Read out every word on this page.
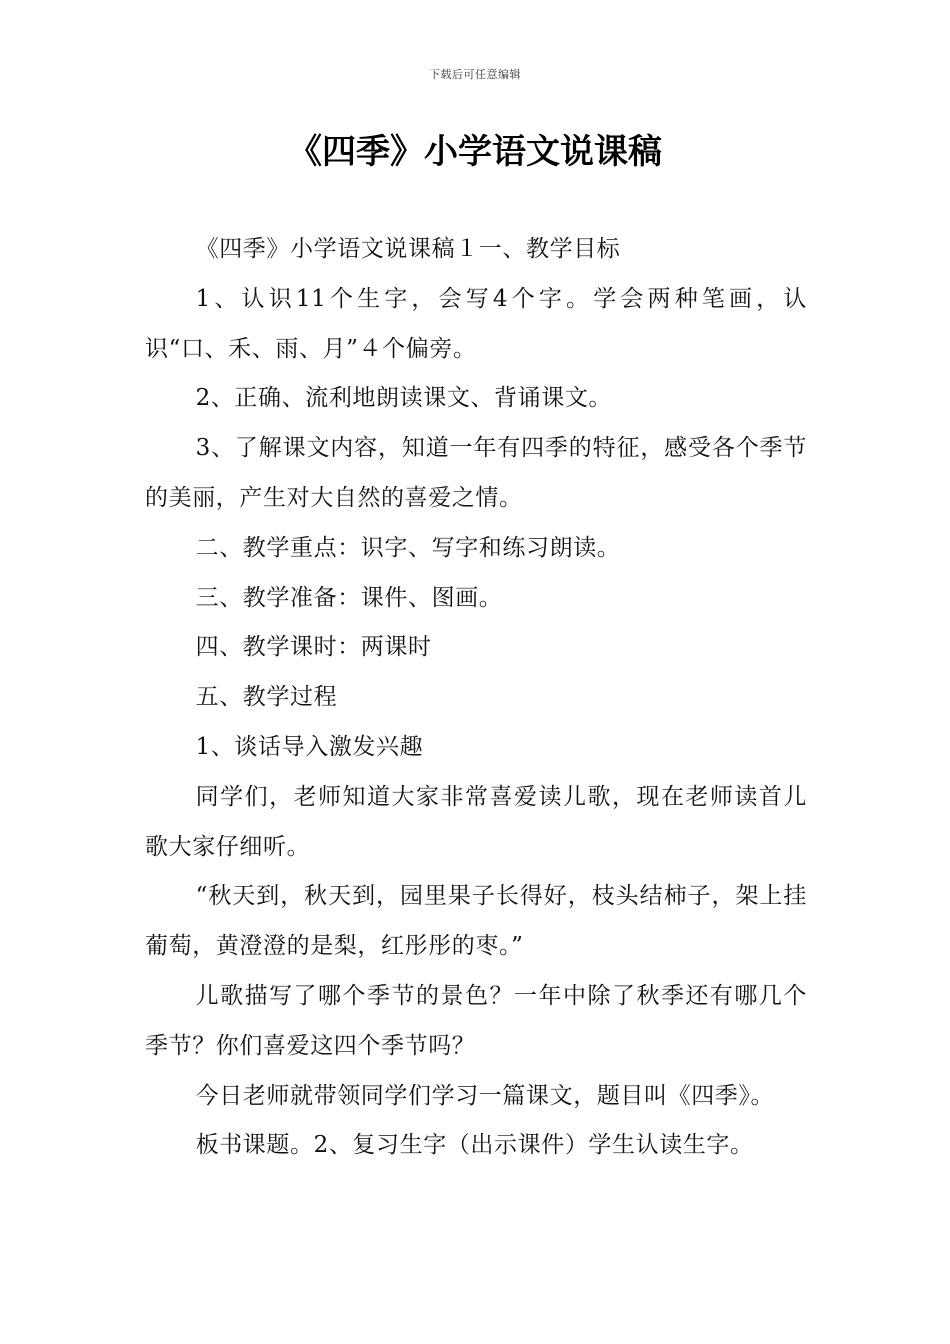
下载后可任意编辑
《四季》小学语文说课稿

《四季》小学语文说课稿１一、教学目标

1、认识11个生字，会写4个字。学会两种笔画，认识“口、禾、雨、月”４个偏旁。

2、正确、流利地朗读课文、背诵课文。

3、了解课文内容，知道一年有四季的特征，感受各个季节的美丽，产生对大自然的喜爱之情。

二、教学重点：识字、写字和练习朗读。

三、教学准备：课件、图画。

四、教学课时：两课时

五、教学过程

1、谈话导入激发兴趣

同学们，老师知道大家非常喜爱读儿歌，现在老师读首儿歌大家仔细听。

“秋天到，秋天到，园里果子长得好，枝头结柿子，架上挂葡萄，黄澄澄的是梨，红彤彤的枣。”

儿歌描写了哪个季节的景色？一年中除了秋季还有哪几个季节？你们喜爱这四个季节吗？

今日老师就带领同学们学习一篇课文，题目叫《四季》。

板书课题。2、复习生字（出示课件）学生认读生字。
